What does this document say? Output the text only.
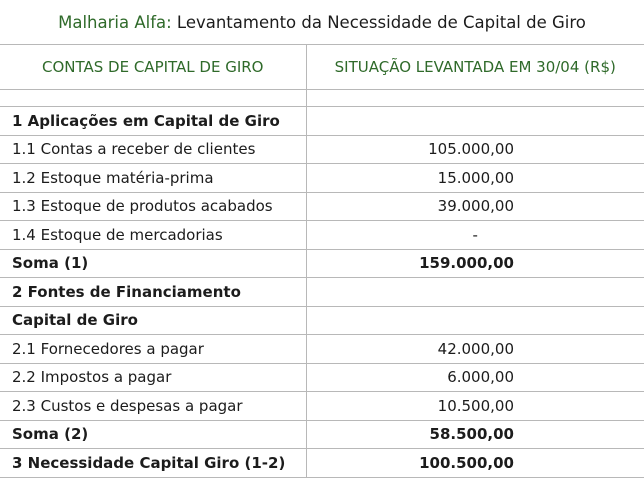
Malharia Alfa:
Levantamento da Necessidade de Capital de Giro
CONTAS DE CAPITAL DE GIRO	SITUAÇÃO LEVANTADA EM 30/04 (R$)

1 Aplicações em Capital de Giro	
1.1 Contas a receber de clientes	105.000,00
1.2 Estoque matéria-prima	15.000,00
1.3 Estoque de produtos acabados	39.000,00
1.4 Estoque de mercadorias	-
Soma (1)	159.000,00
2 Fontes de Financiamento	
Capital de Giro	
2.1 Fornecedores a pagar	42.000,00
2.2 Impostos a pagar	6.000,00
2.3 Custos e despesas a pagar	10.500,00
Soma (2)	58.500,00
3 Necessidade Capital Giro (1-2)	100.500,00
